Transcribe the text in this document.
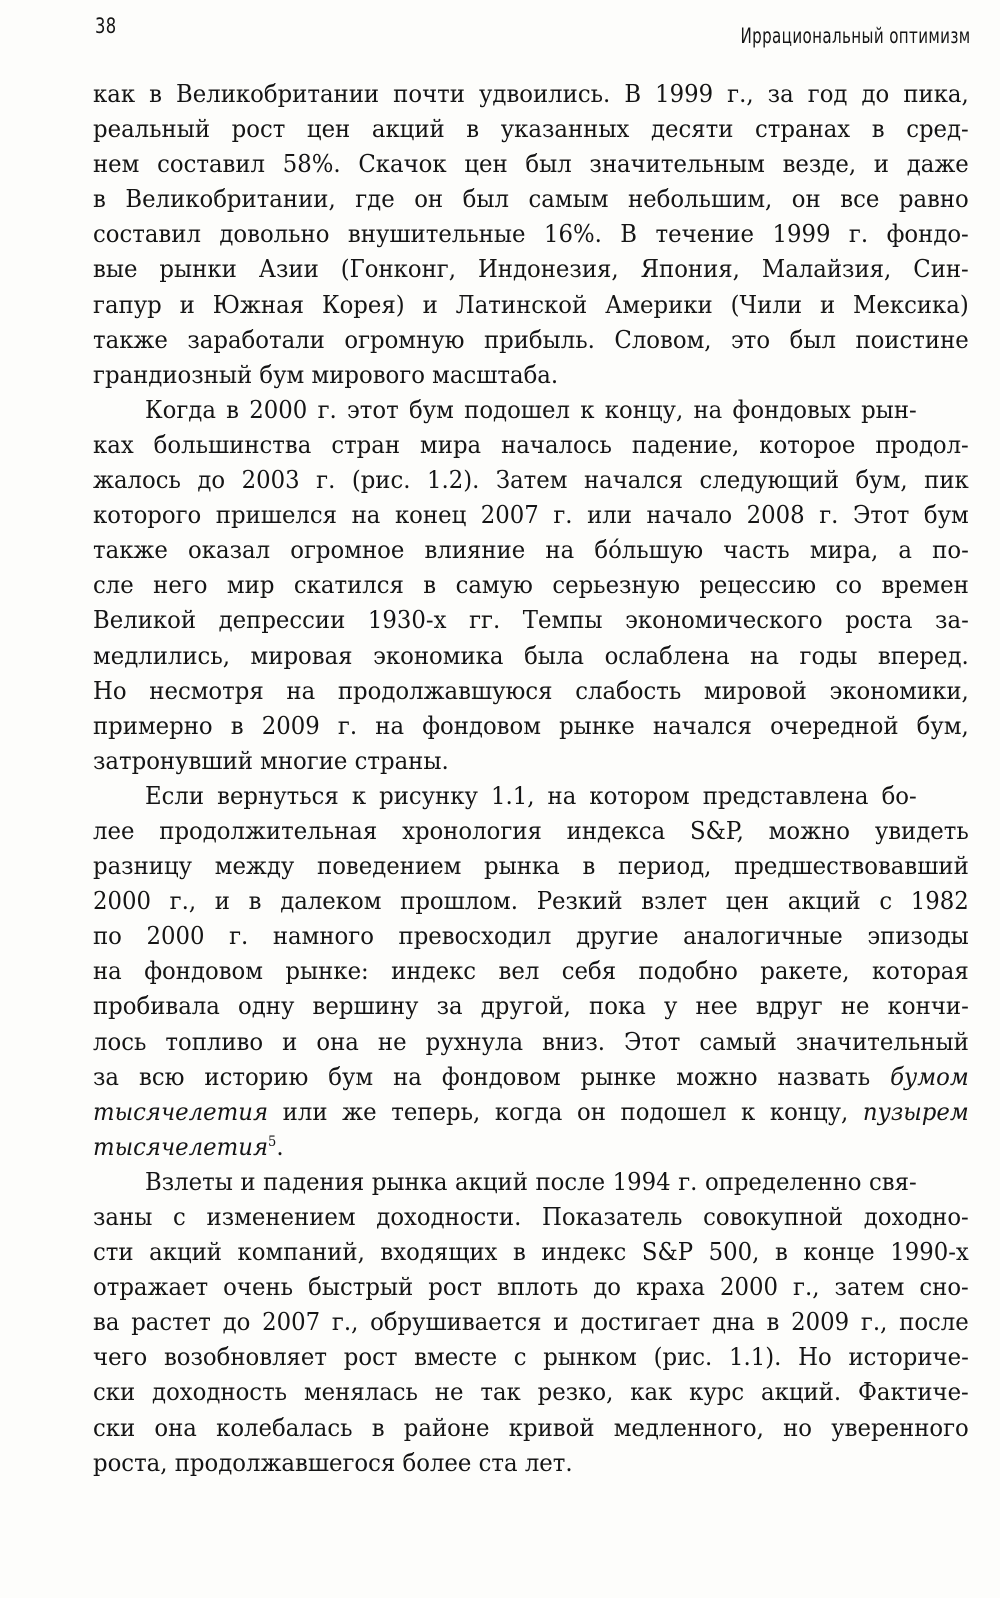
38	Иррациональный оптимизм

как в Великобритании почти удвоились. В 1999 г., за год до пика,
реальный рост цен акций в указанных десяти странах в сред-
нем составил 58%. Скачок цен был значительным везде, и даже
в Великобритании, где он был самым небольшим, он все равно
составил довольно внушительные 16%. В течение 1999 г. фондо-
вые рынки Азии (Гонконг, Индонезия, Япония, Малайзия, Син-
гапур и Южная Корея) и Латинской Америки (Чили и Мексика)
также заработали огромную прибыль. Словом, это был поистине
грандиозный бум мирового масштаба.

Когда в 2000 г. этот бум подошел к концу, на фондовых рын-
ках большинства стран мира началось падение, которое продол-
жалось до 2003 г. (рис. 1.2). Затем начался следующий бум, пик
которого пришелся на конец 2007 г. или начало 2008 г. Этот бум
также оказал огромное влияние на бóльшую часть мира, а по-
сле него мир скатился в самую серьезную рецессию со времен
Великой депрессии 1930-х гг. Темпы экономического роста за-
медлились, мировая экономика была ослаблена на годы вперед.
Но несмотря на продолжавшуюся слабость мировой экономики,
примерно в 2009 г. на фондовом рынке начался очередной бум,
затронувший многие страны.

Если вернуться к рисунку 1.1, на котором представлена бо-
лее продолжительная хронология индекса S&P, можно увидеть
разницу между поведением рынка в период, предшествовавший
2000 г., и в далеком прошлом. Резкий взлет цен акций с 1982
по 2000 г. намного превосходил другие аналогичные эпизоды
на фондовом рынке: индекс вел себя подобно ракете, которая
пробивала одну вершину за другой, пока у нее вдруг не кончи-
лось топливо и она не рухнула вниз. Этот самый значительный
за всю историю бум на фондовом рынке можно назвать бумом
тысячелетия или же теперь, когда он подошел к концу, пузырем
тысячелетия$^5$.

Взлеты и падения рынка акций после 1994 г. определенно свя-
заны с изменением доходности. Показатель совокупной доходно-
сти акций компаний, входящих в индекс S&P 500, в конце 1990-х
отражает очень быстрый рост вплоть до краха 2000 г., затем сно-
ва растет до 2007 г., обрушивается и достигает дна в 2009 г., после
чего возобновляет рост вместе с рынком (рис. 1.1). Но историче-
ски доходность менялась не так резко, как курс акций. Фактиче-
ски она колебалась в районе кривой медленного, но уверенного
роста, продолжавшегося более ста лет.
